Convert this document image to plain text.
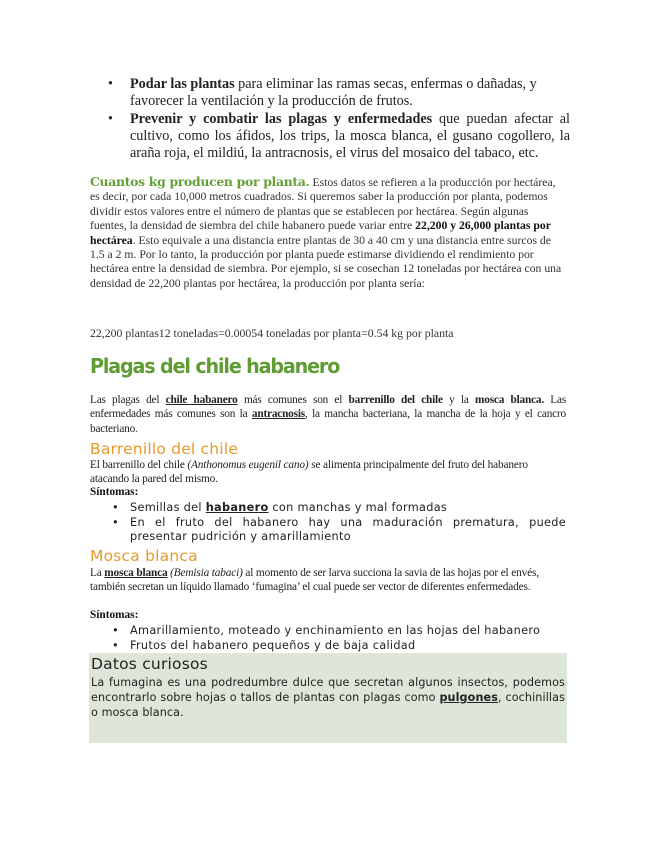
• Podar las plantas para eliminar las ramas secas, enfermas o dañadas, y favorecer la ventilación y la producción de frutos.
• Prevenir y combatir las plagas y enfermedades que puedan afectar al cultivo, como los áfidos, los trips, la mosca blanca, el gusano cogollero, la araña roja, el mildiú, la antracnosis, el virus del mosaico del tabaco, etc.

Cuantos kg producen por planta. Estos datos se refieren a la producción por hectárea, es decir, por cada 10,000 metros cuadrados. Si queremos saber la producción por planta, podemos dividir estos valores entre el número de plantas que se establecen por hectárea. Según algunas fuentes, la densidad de siembra del chile habanero puede variar entre 22,200 y 26,000 plantas por hectárea. Esto equivale a una distancia entre plantas de 30 a 40 cm y una distancia entre surcos de 1.5 a 2 m. Por lo tanto, la producción por planta puede estimarse dividiendo el rendimiento por hectárea entre la densidad de siembra. Por ejemplo, si se cosechan 12 toneladas por hectárea con una densidad de 22,200 plantas por hectárea, la producción por planta sería:

22,200 plantas12 toneladas=0.00054 toneladas por planta=0.54 kg por planta

Plagas del chile habanero

Las plagas del chile habanero más comunes son el barrenillo del chile y la mosca blanca. Las enfermedades más comunes son la antracnosis, la mancha bacteriana, la mancha de la hoja y el cancro bacteriano.

Barrenillo del chile

El barrenillo del chile (Anthonomus eugenil cano) se alimenta principalmente del fruto del habanero atacando la pared del mismo.

Síntomas:

• Semillas del habanero con manchas y mal formadas
• En el fruto del habanero hay una maduración prematura, puede presentar pudrición y amarillamiento
Mosca blanca

La mosca blanca (Bemisia tabaci) al momento de ser larva succiona la savia de las hojas por el envés, también secretan un líquido llamado ‘fumagina’ el cual puede ser vector de diferentes enfermedades.

Síntomas:

• Amarillamiento, moteado y enchinamiento en las hojas del habanero
• Frutos del habanero pequeños y de baja calidad
Datos curiosos

La fumagina es una podredumbre dulce que secretan algunos insectos, podemos encontrarlo sobre hojas o tallos de plantas con plagas como pulgones, cochinillas o mosca blanca.
